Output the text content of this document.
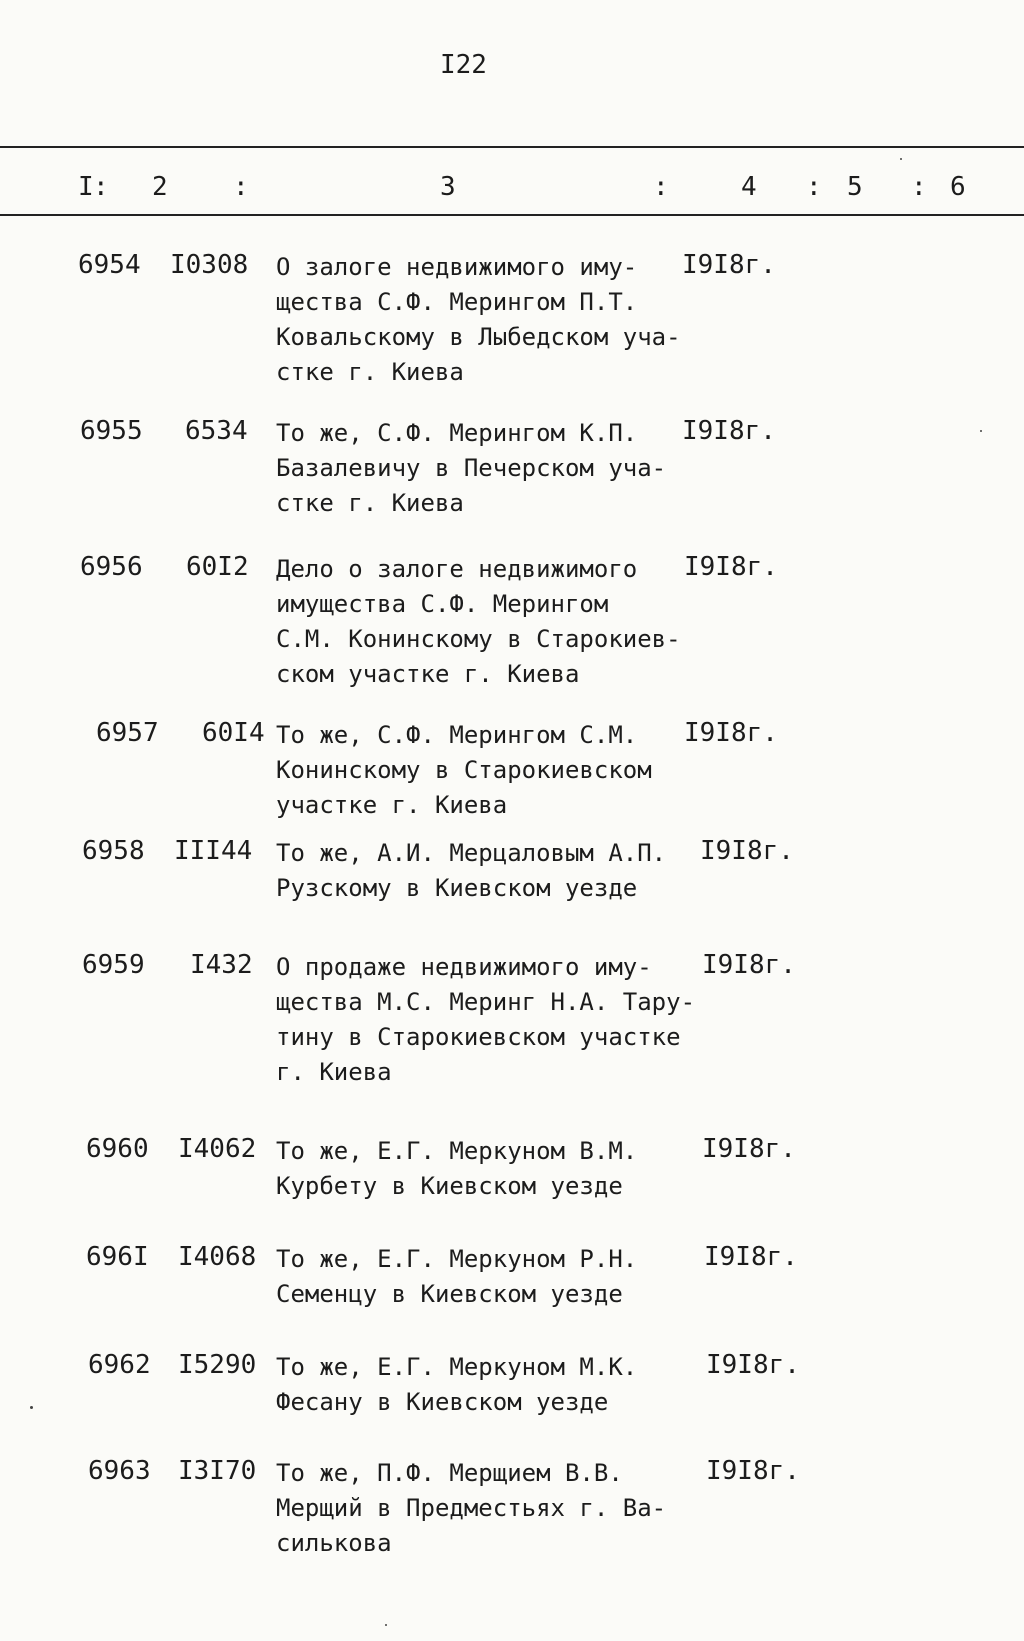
I22
I : 2	:	3	:	4 : 5 : 6
6954 I0308 О залоге недвижимого иму-
щества С.Ф. Мерингом П.Т.
Ковальскому в Лыбедском уча-
стке г. Киева
I9I8г.
6955 6534 То же, С.Ф. Мерингом К.П.
Базалевичу в Печерском уча-
стке г. Киева
I9I8г.
6956 60I2 Дело о залоге недвижимого
имущества С.Ф. Мерингом
С.М. Конинскому в Старокиев-
ском участке г. Киева
I9I8г.
6957 60I4 То же, С.Ф. Мерингом С.М.
Конинскому в Старокиевском
участке г. Киева
I9I8г.
6958 III44 То же, А.И. Мерцаловым А.П.
Рузскому в Киевском уезде
I9I8г.
6959 I432 О продаже недвижимого иму-
щества М.С. Меринг Н.А. Тару-
тину в Старокиевском участке
г. Киева
I9I8г.
6960 I4062 То же, Е.Г. Меркуном В.М.
Курбету в Киевском уезде
I9I8г.
696I I4068 То же, Е.Г. Меркуном Р.Н.
Семенцу в Киевском уезде
I9I8г.
6962 I5290 То же, Е.Г. Меркуном М.К.
Фесану в Киевском уезде
I9I8г.
6963 I3I70 То же, П.Ф. Мерщием В.В.
Мерщий в Предместьях г. Ва-
силькова
I9I8г.
